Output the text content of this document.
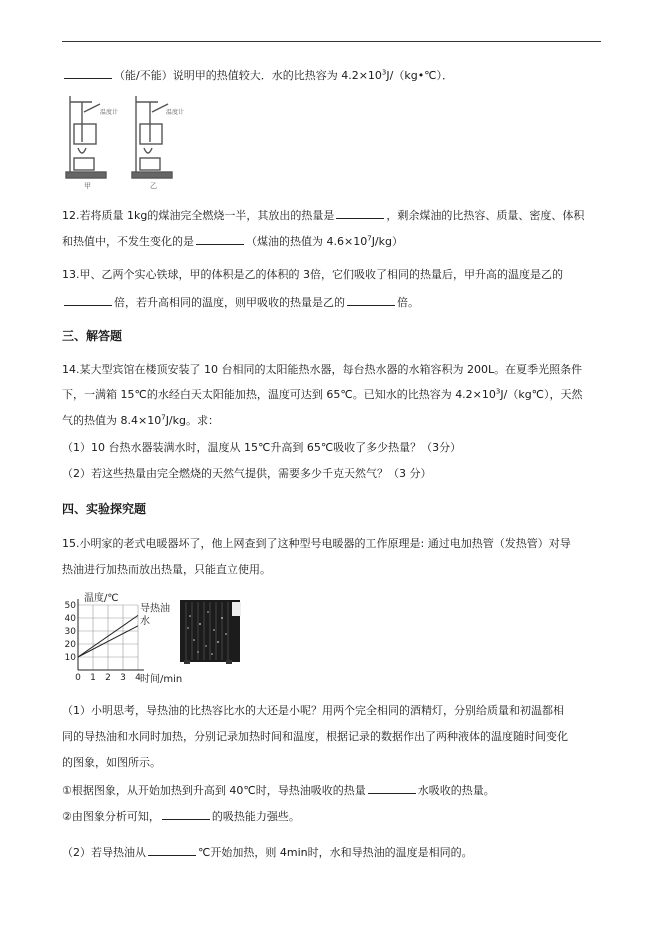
（能/不能）说明甲的热值较大．水的比热容为 $4.2\times 10^3J/(kg•℃)$．
温度计	温度计
甲	乙
12.若将质量 1kg的煤油完全燃烧一半，其放出的热量是	，剩余煤油的比热容、质量、密度、体积
和热值中，不发生变化的是	（煤油的热值为 $4.6\times 10^7J/kg$）
13.甲、乙两个实心铁球，甲的体积是乙的体积的 3倍，它们吸收了相同的热量后，甲升高的温度是乙的
倍，若升高相同的温度，则甲吸收的热量是乙的	倍。
三、解答题
14.某大型宾馆在楼顶安装了 10 台相同的太阳能热水器，每台热水器的水箱容积为 200L。在夏季光照条件
下，一满箱 15℃的水经白天太阳能加热，温度可达到 65℃。已知水的比热容为 $4.2\times 10^3J/(kg℃)$，天然
气的热值为 $8.4\times 10^7J/kg$。求：
（1）10 台热水器装满水时，温度从 15℃升高到 65℃吸收了多少热量？（3分）
（2）若这些热量由完全燃烧的天然气提供，需要多少千克天然气？（3 分）
四、实验探究题
15.小明家的老式电暖器坏了，他上网查到了这种型号电暖器的工作原理是: 通过电加热管（发热管）对导
热油进行加热而放出热量，只能直立使用。
10
20
30
40
50
0 1 2 3 4
导热油
水
温度/℃
时间/min
（1）小明思考，导热油的比热容比水的大还是小呢？用两个完全相同的酒精灯，分别给质量和初温都相
同的导热油和水同时加热，分别记录加热时间和温度，根据记录的数据作出了两种液体的温度随时间变化
的图象，如图所示。
①根据图象，从开始加热到升高到 40℃时，导热油吸收的热量	水吸收的热量。
②由图象分析可知，	的吸热能力强些。
（2）若导热油从	℃开始加热，则 4min时，水和导热油的温度是相同的。
